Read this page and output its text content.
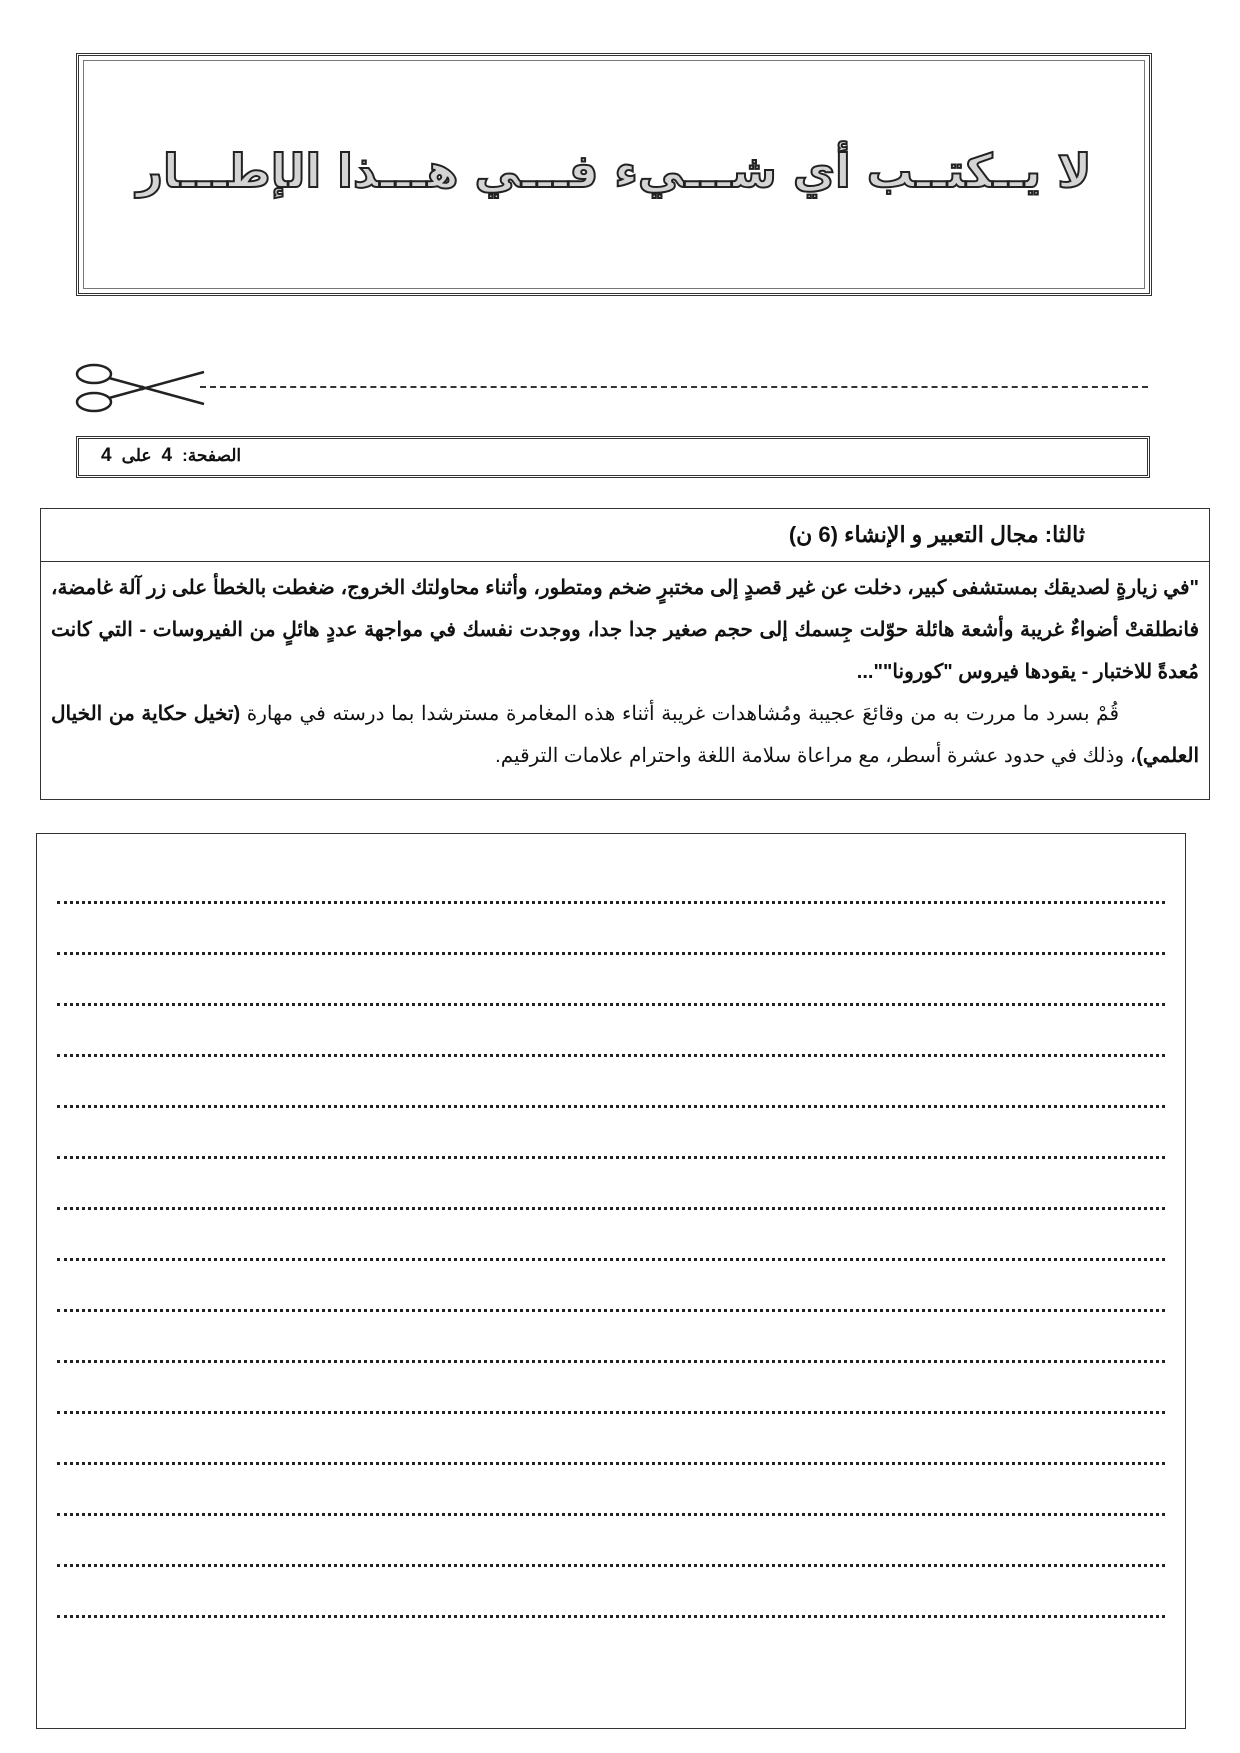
لا يــكتــب أي شـــيء فـــي هـــذا الإطـــار
الصفحة:4على4
ثالثا: مجال التعبير و الإنشاء (6 ن)

"في زيارةٍ لصديقك بمستشفى كبير، دخلت عن غير قصدٍ إلى مختبرٍ ضخم ومتطور، وأثناء محاولتك الخروج، ضغطت بالخطأ على زر آلة غامضة، فانطلقتْ أضواءٌ غريبة وأشعة هائلة حوّلت جِسمك إلى حجم صغير جدا جدا، ووجدت نفسك في مواجهة عددٍ هائلٍ من الفيروسات - التي كانت مُعدةً للاختبار - يقودها فيروس "كورونا""...

قُمْ بسرد ما مررت به من وقائعَ عجيبة ومُشاهدات غريبة أثناء هذه المغامرة مسترشدا بما درسته في مهارة (تخيل حكاية من الخيال العلمي)، وذلك في حدود عشرة أسطر، مع مراعاة سلامة اللغة واحترام علامات الترقيم.
